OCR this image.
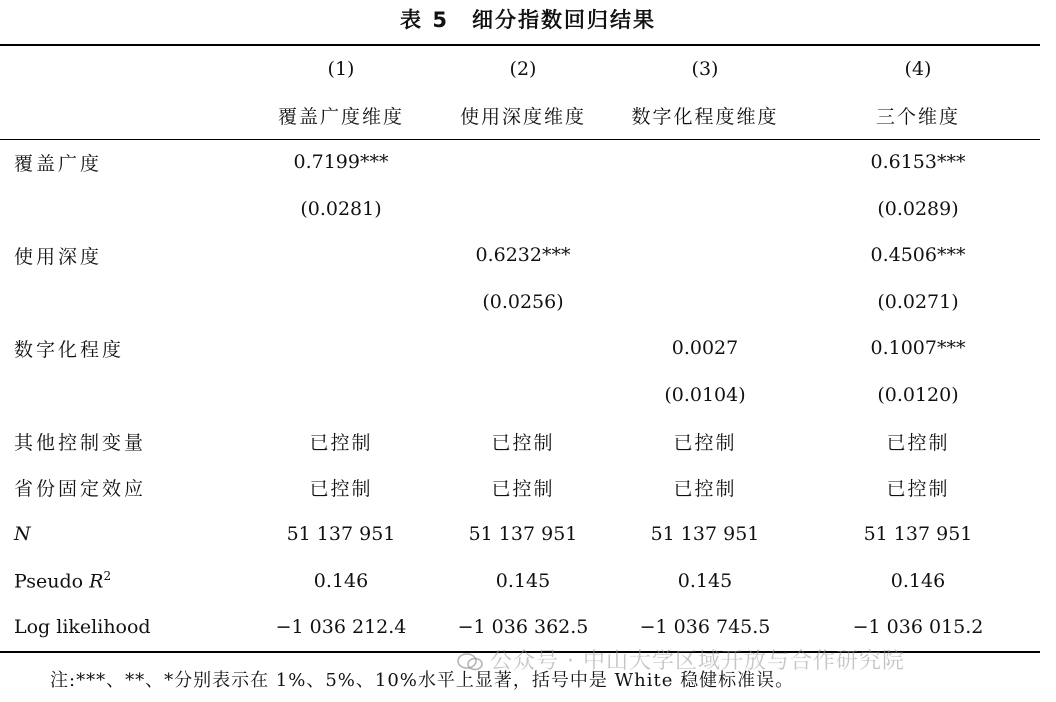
表 5　细分指数回归结果
	(1)	(2)	(3)	(4)
	覆盖广度维度	使用深度维度	数字化程度维度	三个维度
覆盖广度	0.7199***			0.6153***
	(0.0281)			(0.0289)
使用深度		0.6232***		0.4506***
		(0.0256)		(0.0271)
数字化程度			0.0027	0.1007***
			(0.0104)	(0.0120)
其他控制变量	已控制	已控制	已控制	已控制
省份固定效应	已控制	已控制	已控制	已控制
N	51 137 951	51 137 951	51 137 951	51 137 951
Pseudo $R^2$	0.146	0.145	0.145	0.146
Log likelihood	−1 036 212.4	−1 036 362.5	−1 036 745.5	−1 036 015.2
注:***、**、*分别表示在 1%、5%、10%水平上显著，括号中是 White 稳健标准误。
公众号 · 中山大学区域开放与合作研究院
